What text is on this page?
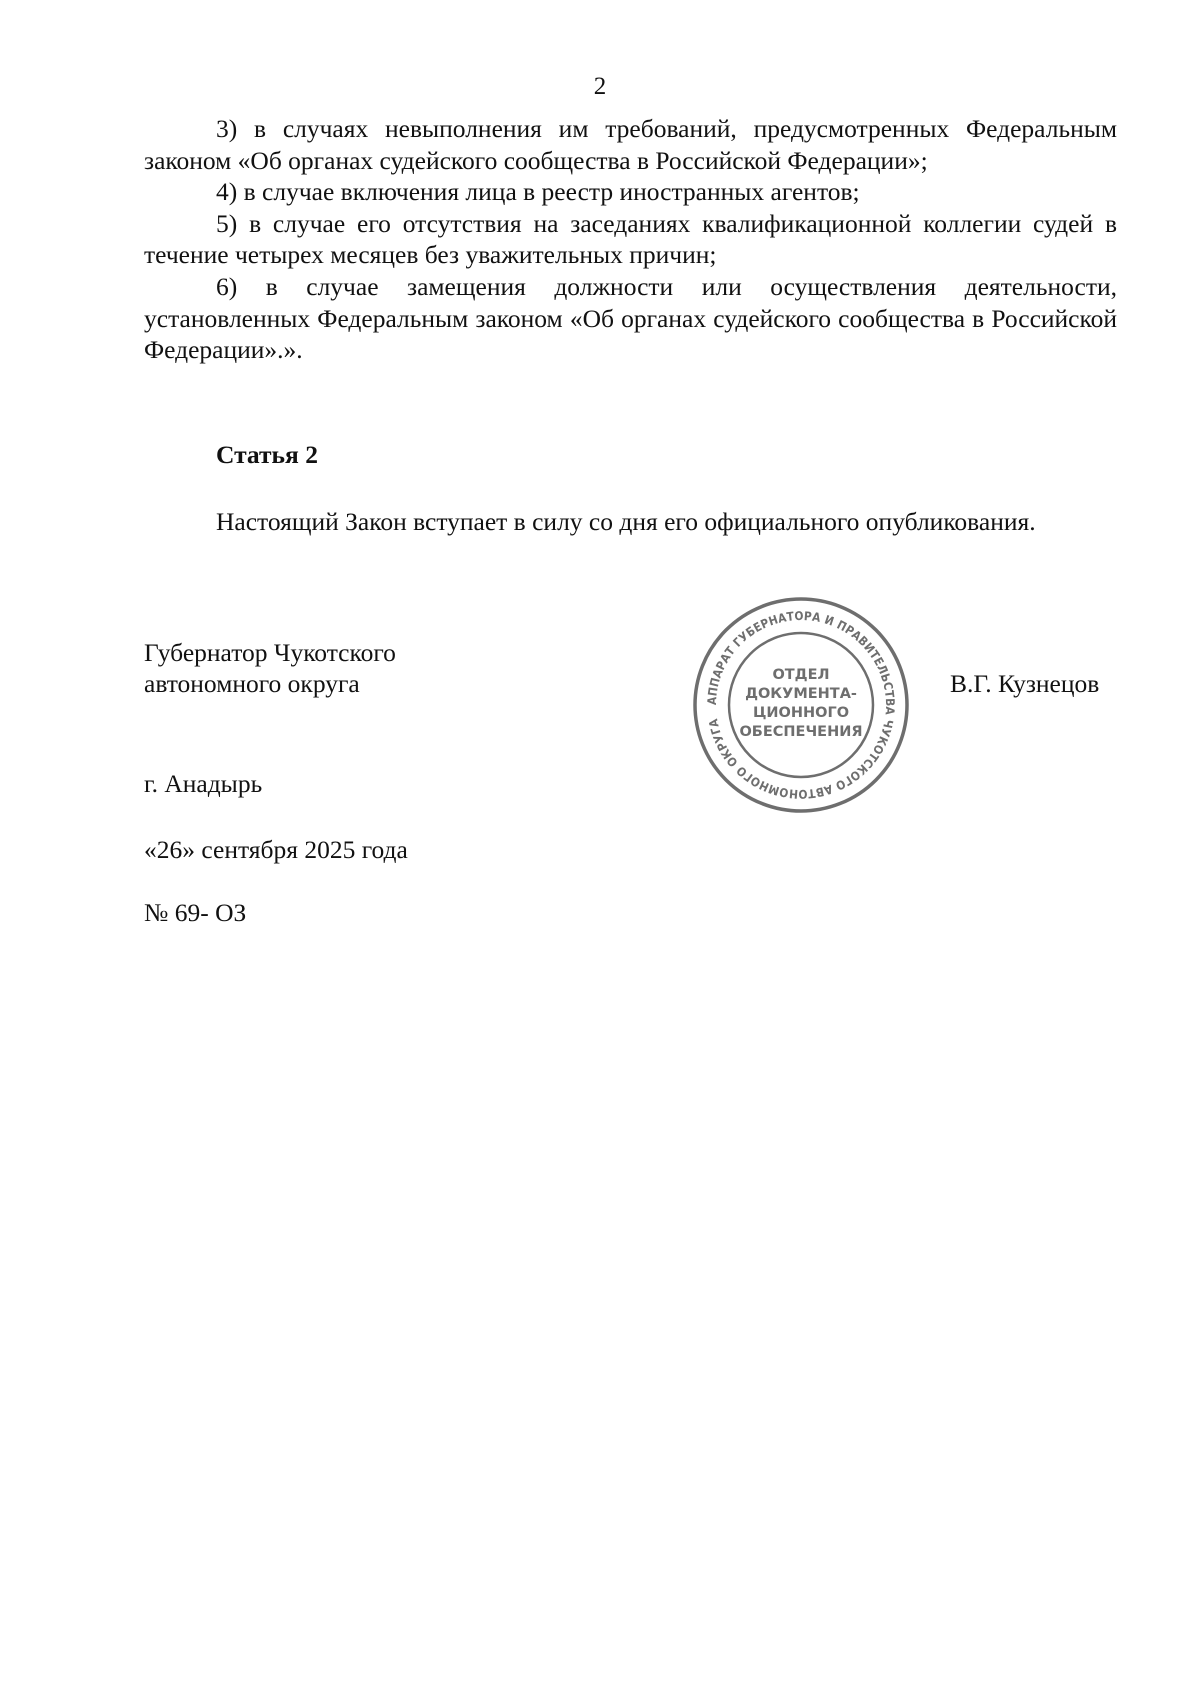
2

3) в случаях невыполнения им требований, предусмотренных Федеральным законом «Об органах судейского сообщества в Российской Федерации»;

4) в случае включения лица в реестр иностранных агентов;

5) в случае его отсутствия на заседаниях квалификационной коллегии судей в течение четырех месяцев без уважительных причин;

6) в случае замещения должности или осуществления деятельности, установленных Федеральным законом «Об органах судейского сообщества в Российской Федерации».».

Статья 2
Настоящий Закон вступает в силу со дня его официального опубликования.
Губернатор Чукотского
автономного округа	В.Г. Кузнецов
г. Анадырь
«26» сентября 2025 года
№ 69- ОЗ
АППАРАТ ГУБЕРНАТОРА И ПРАВИТЕЛЬСТВА ЧУКОТСКОГО АВТОНОМНОГО ОКРУГА
ОТДЕЛ
ДОКУМЕНТА-
ЦИОННОГО
ОБЕСПЕЧЕНИЯ
